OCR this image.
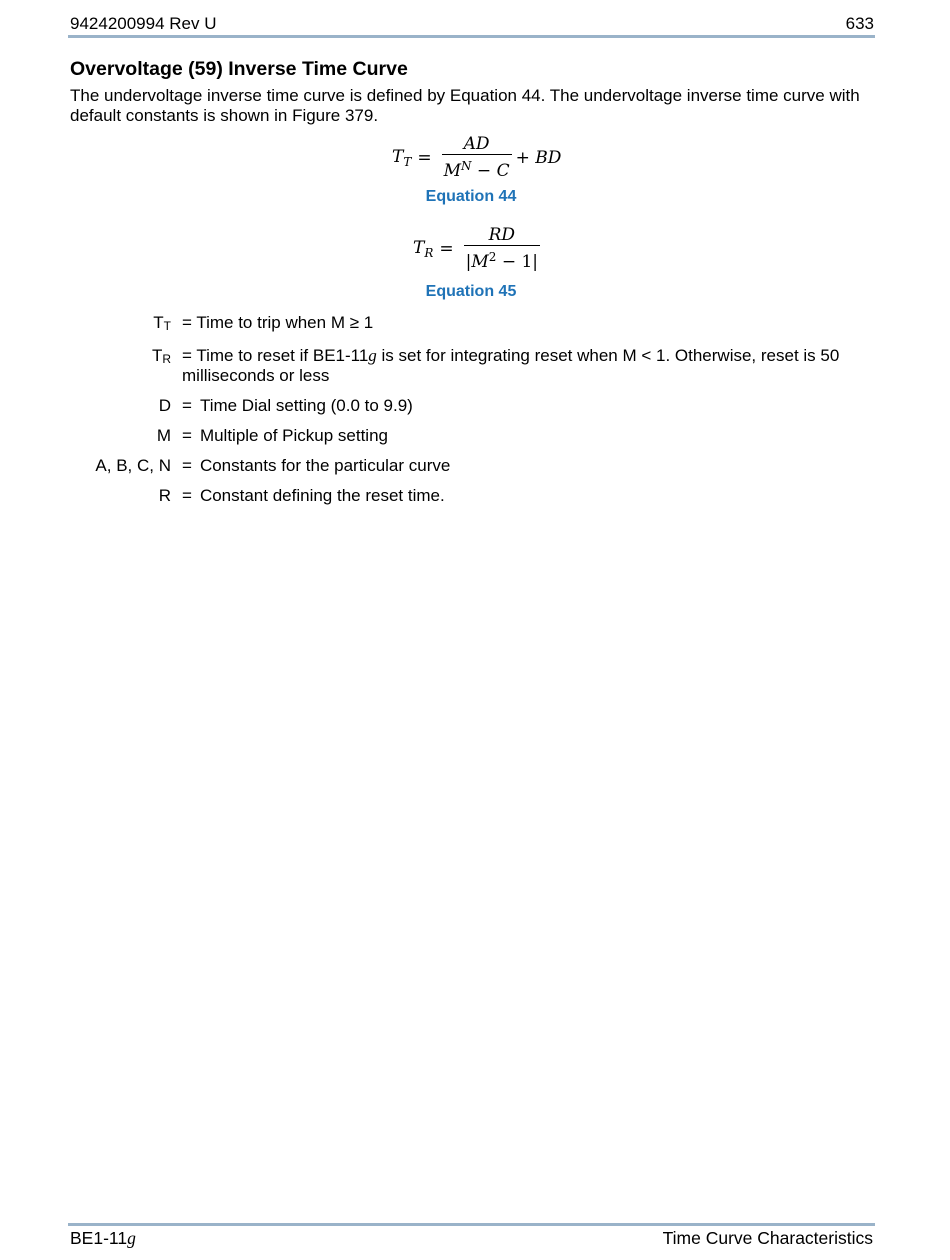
9424200994 Rev U	633
Overvoltage (59) Inverse Time Curve

The undervoltage inverse time curve is defined by Equation 44. The undervoltage inverse time curve with default constants is shown in Figure 379.

$T_T = \frac{AD}{M^N - C}$ + BD
Equation 44
$T_R = \frac{RD}{|M^2 - 1|}$
Equation 45
$T_T$ = Time to trip when M ≥ 1
$T_R$ = Time to reset if BE1-11g is set for integrating reset when M < 1. Otherwise, reset is 50 milliseconds or less
D = Time Dial setting (0.0 to 9.9)
M = Multiple of Pickup setting
A, B, C, N = Constants for the particular curve
R = Constant defining the reset time.
BE1-11g	Time Curve Characteristics
